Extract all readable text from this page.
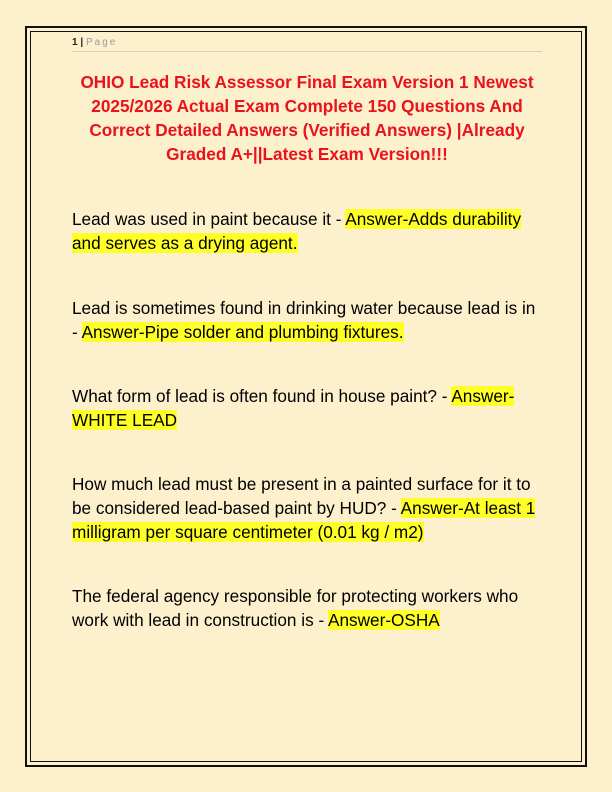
1 | Page
OHIO Lead Risk Assessor Final Exam Version 1 Newest 2025/2026 Actual Exam Complete 150 Questions And Correct Detailed Answers (Verified Answers) |Already Graded A+||Latest Exam Version!!!

Lead was used in paint because it - Answer-Adds durability and serves as a drying agent.

Lead is sometimes found in drinking water because lead is in - Answer-Pipe solder and plumbing fixtures.

What form of lead is often found in house paint? - Answer-WHITE LEAD

How much lead must be present in a painted surface for it to be considered lead-based paint by HUD? - Answer-At least 1 milligram per square centimeter (0.01 kg / m2)

The federal agency responsible for protecting workers who work with lead in construction is - Answer-OSHA
